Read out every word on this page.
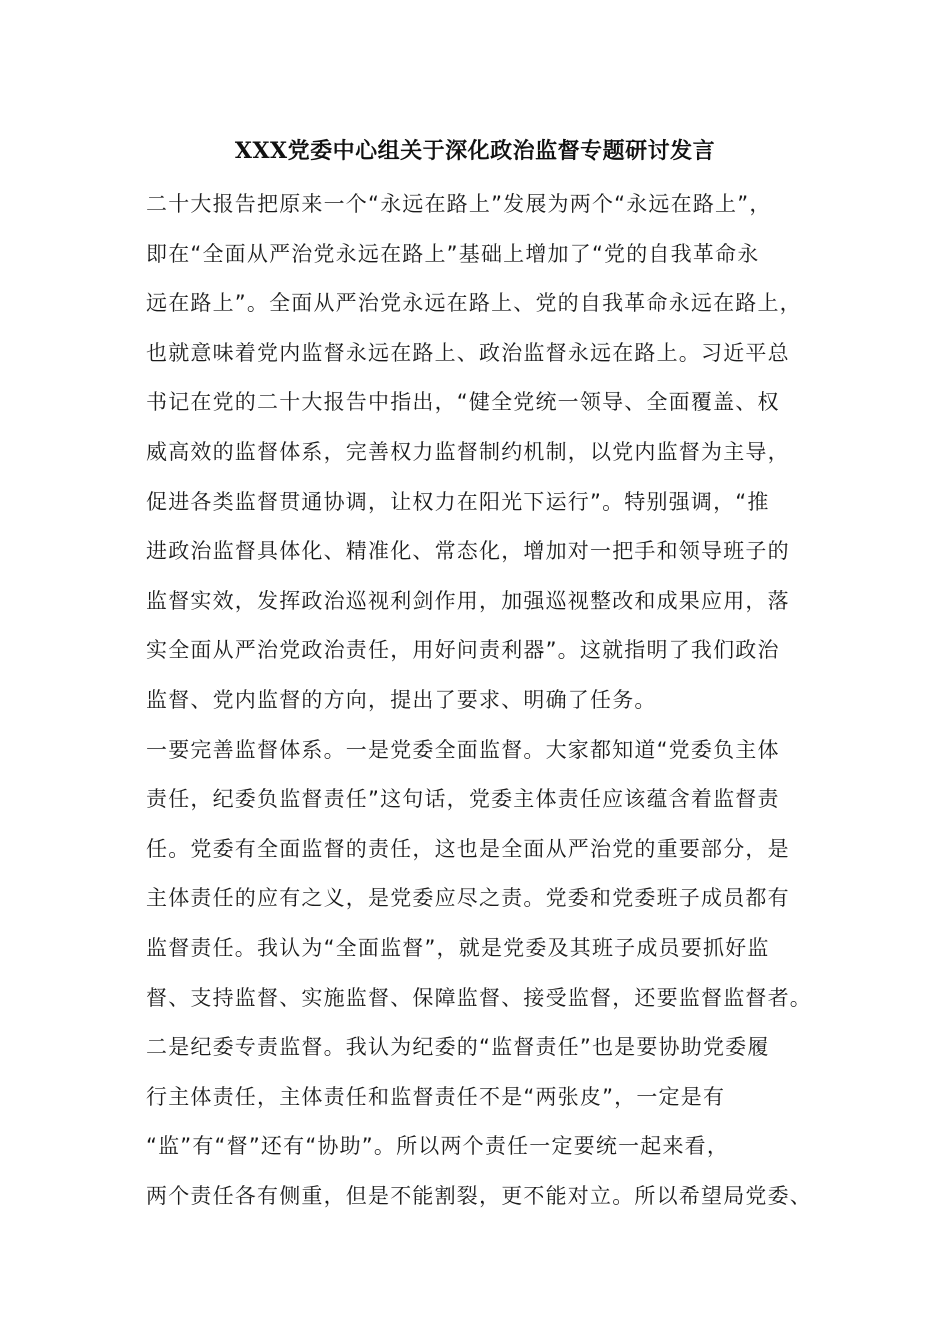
XXX党委中心组关于深化政治监督专题研讨发言
二十大报告把原来一个“永远在路上”发展为两个“永远在路上”，
即在“全面从严治党永远在路上”基础上增加了“党的自我革命永
远在路上”。全面从严治党永远在路上、党的自我革命永远在路上，
也就意味着党内监督永远在路上、政治监督永远在路上。习近平总
书记在党的二十大报告中指出，“健全党统一领导、全面覆盖、权
威高效的监督体系，完善权力监督制约机制，以党内监督为主导，
促进各类监督贯通协调，让权力在阳光下运行”。特别强调，“推
进政治监督具体化、精准化、常态化，增加对一把手和领导班子的
监督实效，发挥政治巡视利剑作用，加强巡视整改和成果应用，落
实全面从严治党政治责任，用好问责利器”。这就指明了我们政治
监督、党内监督的方向，提出了要求、明确了任务。
一要完善监督体系。一是党委全面监督。大家都知道“党委负主体
责任，纪委负监督责任”这句话，党委主体责任应该蕴含着监督责
任。党委有全面监督的责任，这也是全面从严治党的重要部分，是
主体责任的应有之义，是党委应尽之责。党委和党委班子成员都有
监督责任。我认为“全面监督”，就是党委及其班子成员要抓好监
督、支持监督、实施监督、保障监督、接受监督，还要监督监督者。
二是纪委专责监督。我认为纪委的“监督责任”也是要协助党委履
行主体责任，主体责任和监督责任不是“两张皮”，一定是有
“监”有“督”还有“协助”。所以两个责任一定要统一起来看，
两个责任各有侧重，但是不能割裂，更不能对立。所以希望局党委、
